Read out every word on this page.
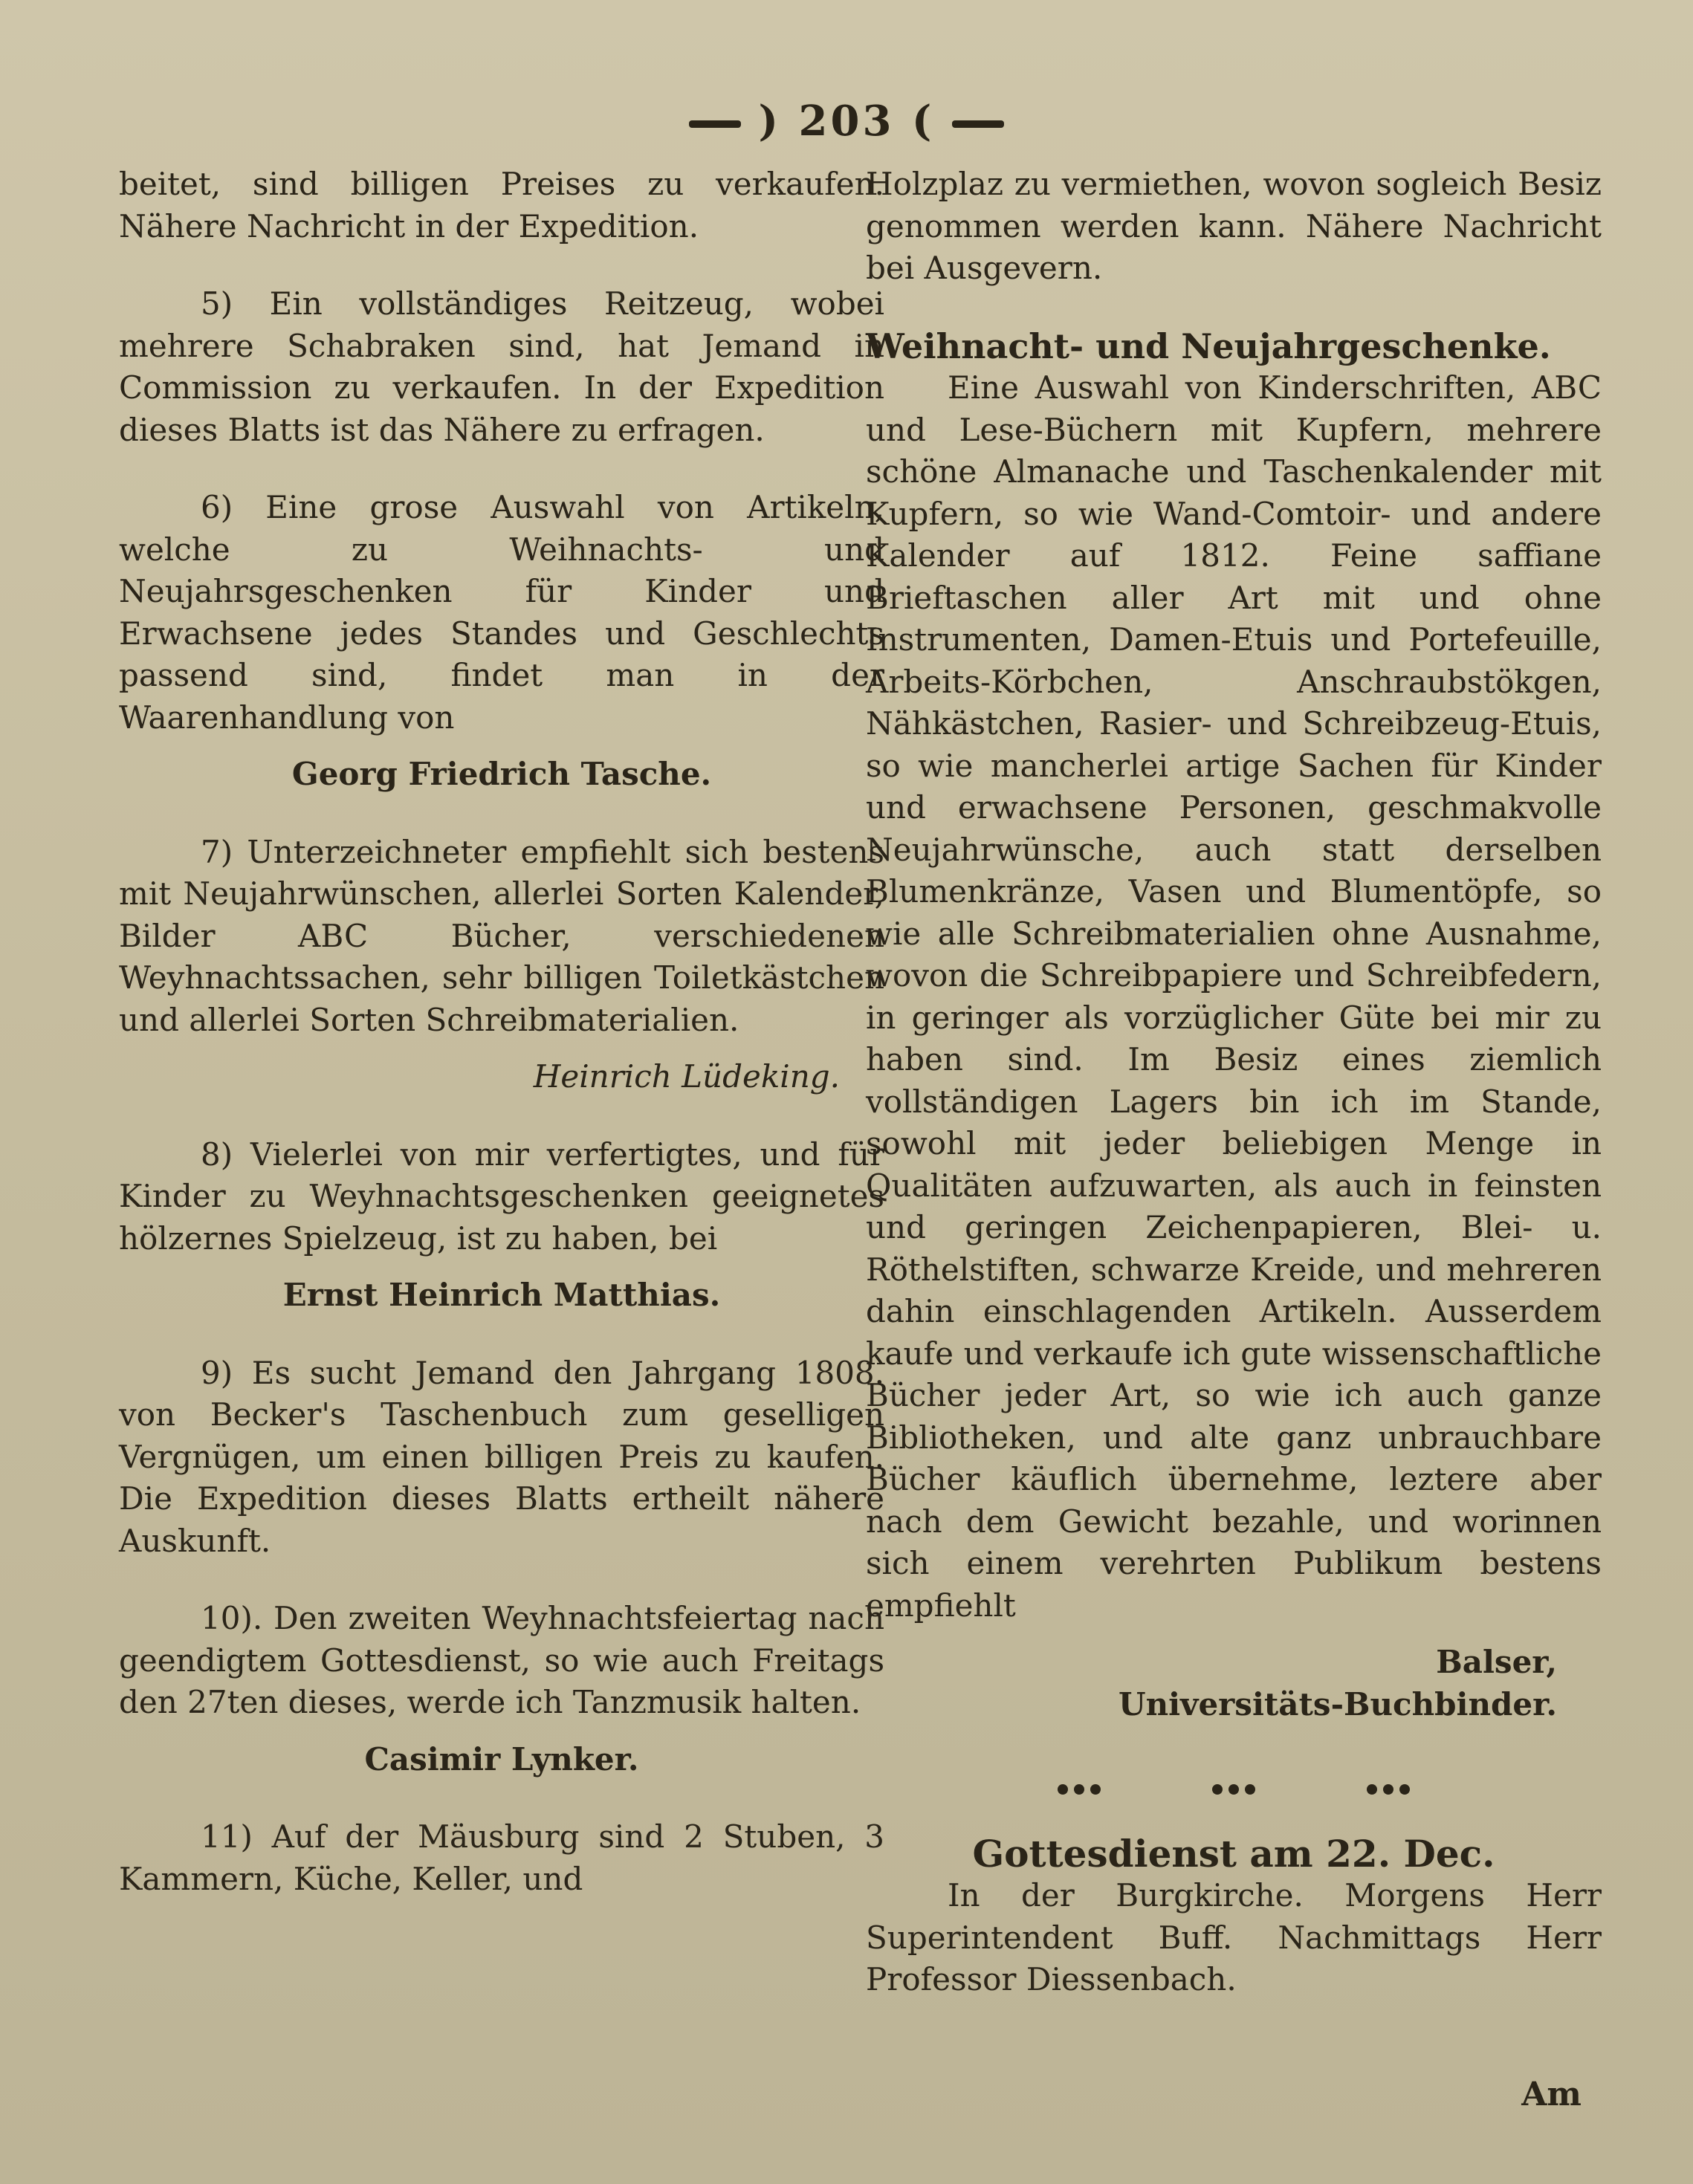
) 203 (

beitet, sind billigen Preises zu verkaufen. Nähere Nachricht in der Expedition.

5) Ein vollständiges Reitzeug, wobei mehrere Schabraken sind, hat Jemand in Commission zu verkaufen. In der Expedition dieses Blatts ist das Nähere zu erfragen.

6) Eine grose Auswahl von Artikeln, welche zu Weihnachts- und Neujahrsgeschenken für Kinder und Erwachsene jedes Standes und Geschlechts passend sind, findet man in der Waarenhandlung von

Georg Friedrich Tasche.

7) Unterzeichneter empfiehlt sich bestens mit Neujahrwünschen, allerlei Sorten Kalender, Bilder ABC Bücher, verschiedenen Weyhnachtssachen, sehr billigen Toiletkästchen und allerlei Sorten Schreibmaterialien.

Heinrich Lüdeking.

8) Vielerlei von mir verfertigtes, und für Kinder zu Weyhnachtsgeschenken geeignetes hölzernes Spielzeug, ist zu haben, bei

Ernst Heinrich Matthias.

9) Es sucht Jemand den Jahrgang 1808. von Becker's Taschenbuch zum geselligen Vergnügen, um einen billigen Preis zu kaufen. Die Expedition dieses Blatts ertheilt nähere Auskunft.

10). Den zweiten Weyhnachtsfeiertag nach geendigtem Gottesdienst, so wie auch Freitags den 27ten dieses, werde ich Tanzmusik halten.

Casimir Lynker.

11) Auf der Mäusburg sind 2 Stuben, 3 Kammern, Küche, Keller, und

Holzplaz zu vermiethen, wovon sogleich Besiz genommen werden kann. Nähere Nachricht bei Ausgevern.

Weihnacht- und Neujahrgeschenke.

Eine Auswahl von Kinderschriften, ABC und Lese-Büchern mit Kupfern, mehrere schöne Almanache und Taschenkalender mit Kupfern, so wie Wand-Comtoir- und andere Kalender auf 1812. Feine saffiane Brieftaschen aller Art mit und ohne Instrumenten, Damen-Etuis und Portefeuille, Arbeits-Körbchen, Anschraubstökgen, Nähkästchen, Rasier- und Schreibzeug-Etuis, so wie mancherlei artige Sachen für Kinder und erwachsene Personen, geschmakvolle Neujahrwünsche, auch statt derselben Blumenkränze, Vasen und Blumentöpfe, so wie alle Schreibmaterialien ohne Ausnahme, wovon die Schreibpapiere und Schreibfedern, in geringer als vorzüglicher Güte bei mir zu haben sind. Im Besiz eines ziemlich vollständigen Lagers bin ich im Stande, sowohl mit jeder beliebigen Menge in Qualitäten aufzuwarten, als auch in feinsten und geringen Zeichenpapieren, Blei- u. Röthelstiften, schwarze Kreide, und mehreren dahin einschlagenden Artikeln. Ausserdem kaufe und verkaufe ich gute wissenschaftliche Bücher jeder Art, so wie ich auch ganze Bibliotheken, und alte ganz unbrauchbare Bücher käuflich übernehme, leztere aber nach dem Gewicht bezahle, und worinnen sich einem verehrten Publikum bestens empfiehlt

Balser,
Universitäts-Buchbinder.

Gottesdienst am 22. Dec.

In der Burgkirche. Morgens Herr Superintendent Buff. Nachmittags Herr Professor Diessenbach.

Am
